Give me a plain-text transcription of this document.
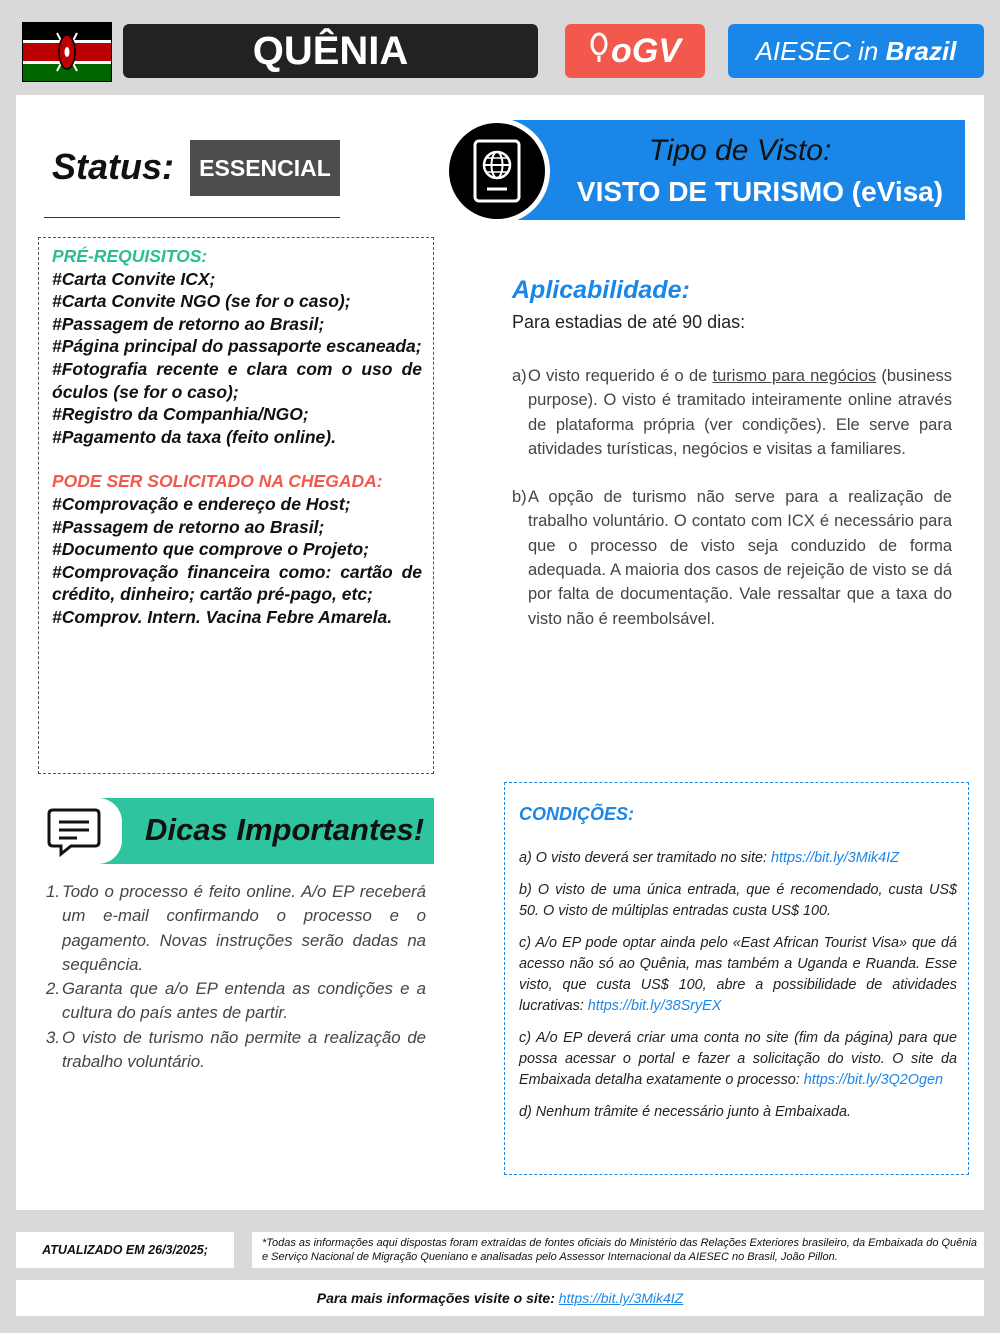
QUÊNIA	oGV	AIESEC in Brazil
Status:	ESSENCIAL
Tipo de Visto:
VISTO DE TURISMO (eVisa)
PRÉ-REQUISITOS:
#Carta Convite ICX;
#Carta Convite NGO (se for o caso);
#Passagem de retorno ao Brasil;
#Página principal do passaporte escaneada;
#Fotografia recente e clara com o uso de óculos (se for o caso);
#Registro da Companhia/NGO;
#Pagamento da taxa (feito online).
PODE SER SOLICITADO NA CHEGADA:
#Comprovação e endereço de Host;
#Passagem de retorno ao Brasil;
#Documento que comprove o Projeto;
#Comprovação financeira como: cartão de crédito, dinheiro; cartão pré-pago, etc;
#Comprov. Intern. Vacina Febre Amarela.
Aplicabilidade:
Para estadias de até 90 dias:
a) O visto requerido é o de turismo para negócios (business purpose). O visto é tramitado inteiramente online através de plataforma própria (ver condições). Ele serve para atividades turísticas, negócios e visitas a familiares.
b) A opção de turismo não serve para a realização de trabalho voluntário. O contato com ICX é necessário para que o processo de visto seja conduzido de forma adequada. A maioria dos casos de rejeição de visto se dá por falta de documentação. Vale ressaltar que a taxa do visto não é reembolsável.
Dicas Importantes!
1. Todo o processo é feito online. A/o EP receberá um e-mail confirmando o processo e o pagamento. Novas instruções serão dadas na sequência.
2. Garanta que a/o EP entenda as condições e a cultura do país antes de partir.
3. O visto de turismo não permite a realização de trabalho voluntário.
CONDIÇÕES:

a) O visto deverá ser tramitado no site: https://bit.ly/3Mik4IZ

b) O visto de uma única entrada, que é recomendado, custa US$ 50. O visto de múltiplas entradas custa US$ 100.

c) A/o EP pode optar ainda pelo «East African Tourist Visa» que dá acesso não só ao Quênia, mas também a Uganda e Ruanda. Esse visto, que custa US$ 100, abre a possibilidade de atividades lucrativas: https://bit.ly/38SryEX

c) A/o EP deverá criar uma conta no site (fim da página) para que possa acessar o portal e fazer a solicitação do visto. O site da Embaixada detalha exatamente o processo: https://bit.ly/3Q2Ogen

d) Nenhum trâmite é necessário junto à Embaixada.

ATUALIZADO EM 26/3/2025;	*Todas as informações aqui dispostas foram extraídas de fontes oficiais do Ministério das Relações Exteriores brasileiro, da Embaixada do Quênia e Serviço Nacional de Migração Queniano e analisadas pelo Assessor Internacional da AIESEC no Brasil, João Pillon.
Para mais informações visite o site: https://bit.ly/3Mik4IZ
